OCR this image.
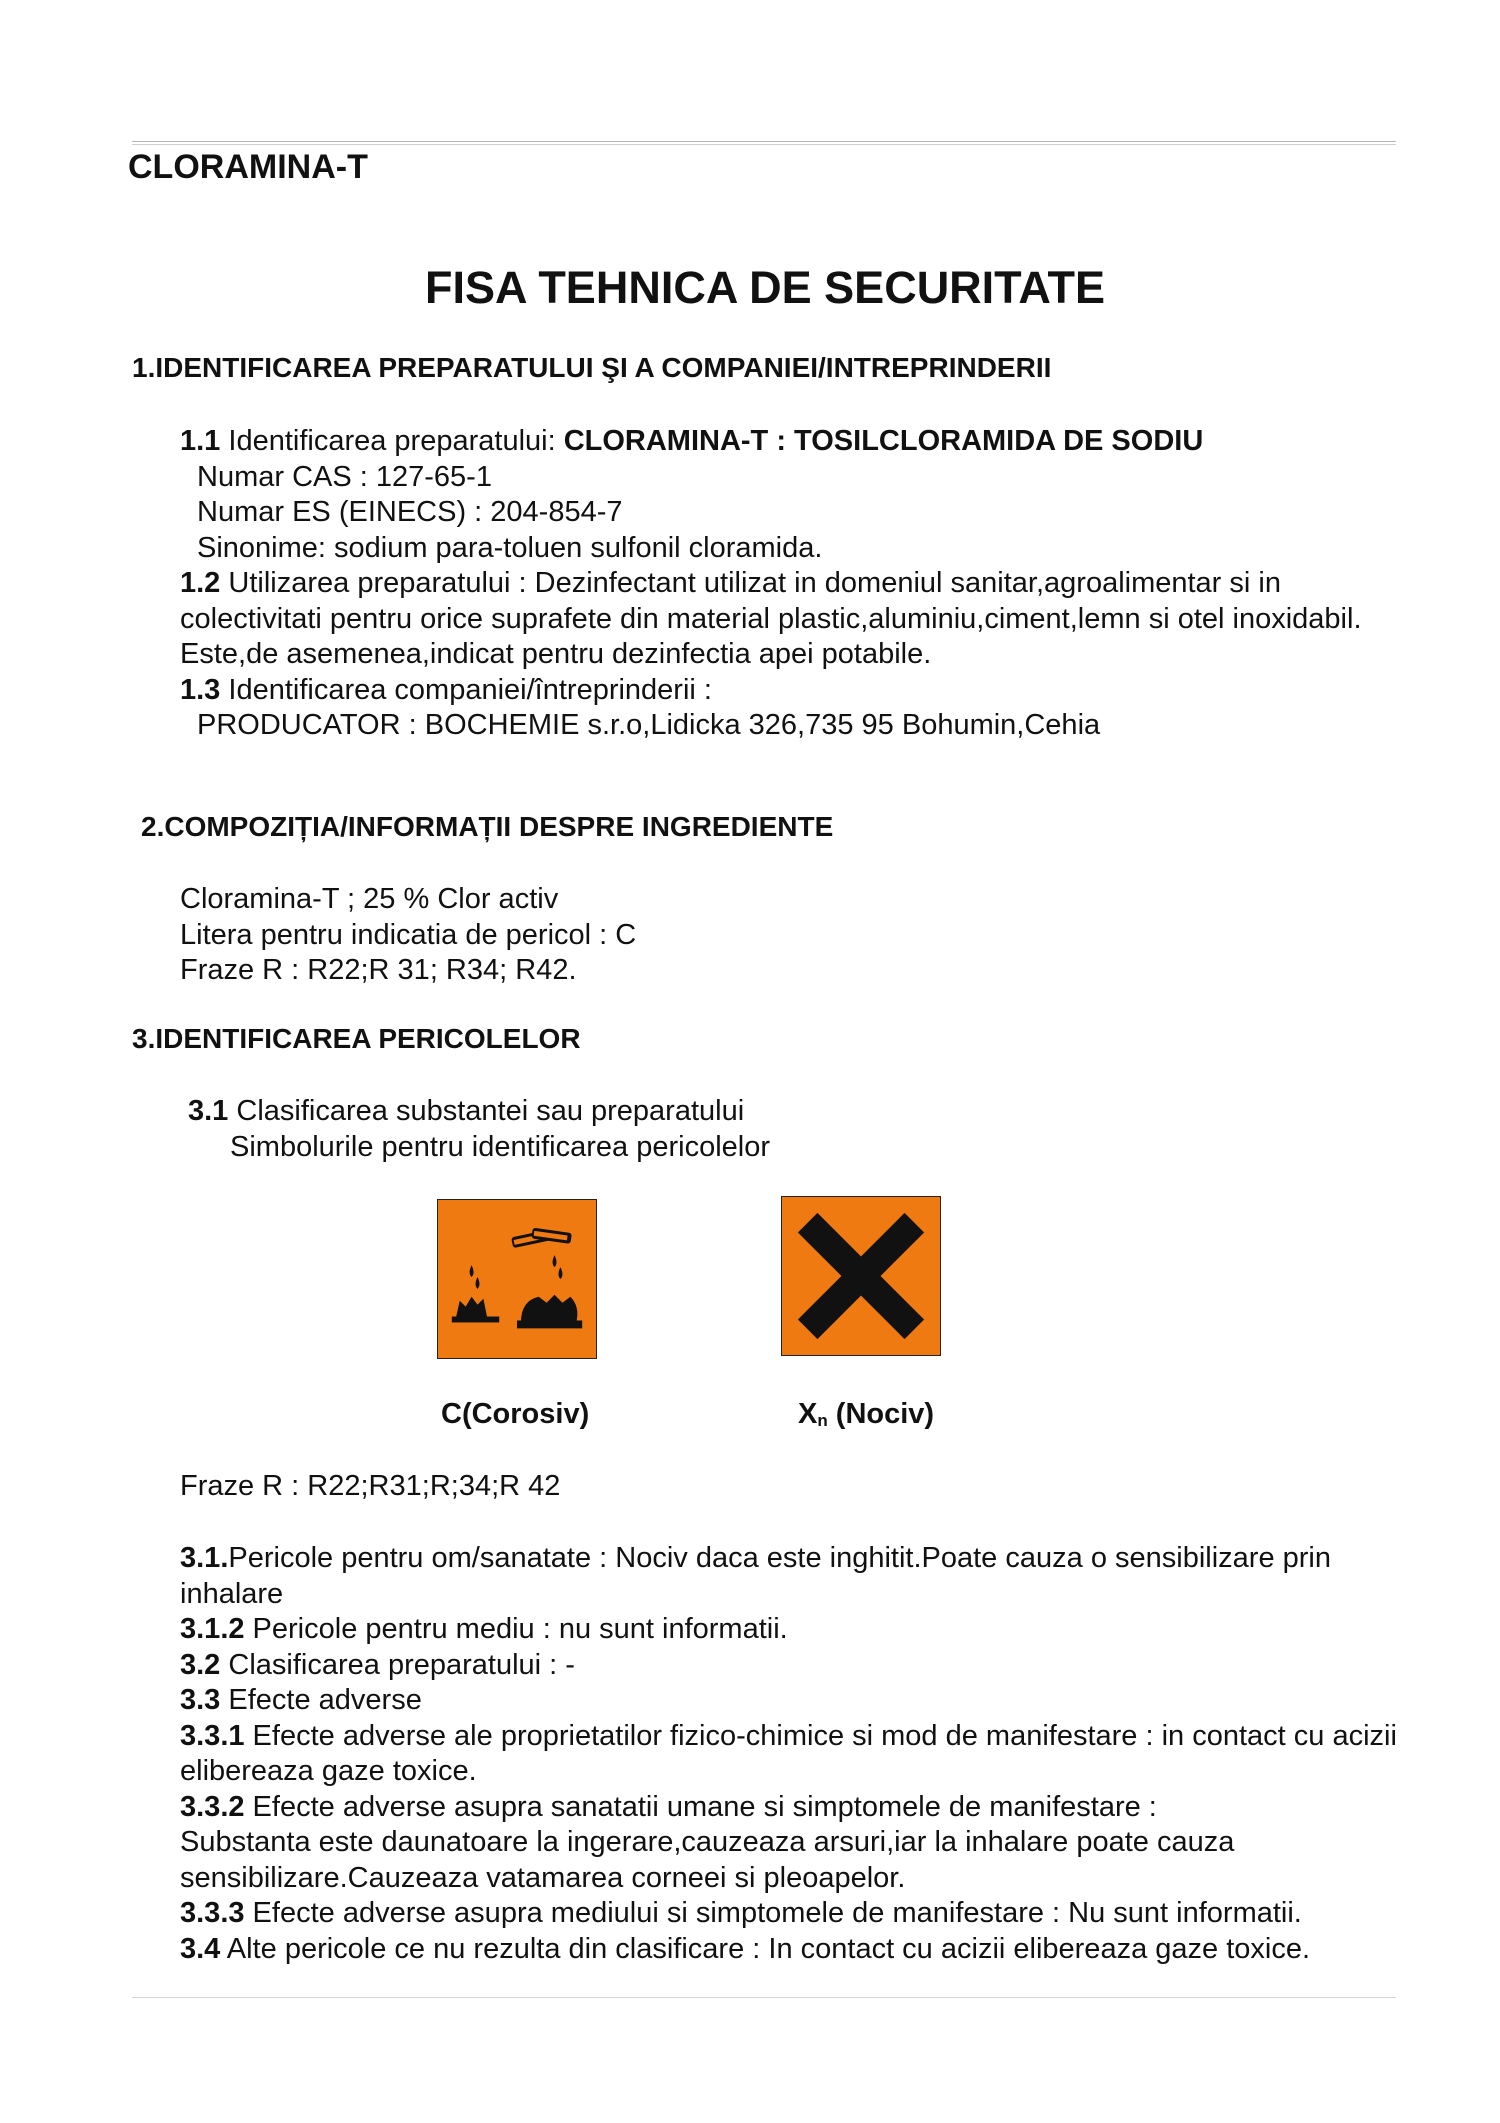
CLORAMINA-T
FISA TEHNICA DE SECURITATE
1.IDENTIFICAREA PREPARATULUI ŞI A COMPANIEI/INTREPRINDERII

1.1 Identificarea preparatului: CLORAMINA-T : TOSILCLORAMIDA DE SODIU

Numar CAS : 127-65-1

Numar ES (EINECS) : 204-854-7

Sinonime: sodium para-toluen sulfonil cloramida.

1.2 Utilizarea preparatului : Dezinfectant utilizat in domeniul sanitar,agroalimentar si in colectivitati pentru orice suprafete din material plastic,aluminiu,ciment,lemn si otel inoxidabil.

Este,de asemenea,indicat pentru dezinfectia apei potabile.

1.3 Identificarea companiei/întreprinderii :

PRODUCATOR : BOCHEMIE s.r.o,Lidicka 326,735 95 Bohumin,Cehia

2.COMPOZIȚIA/INFORMAȚII DESPRE INGREDIENTE

Cloramina-T ; 25 % Clor activ

Litera pentru indicatia de pericol : C

Fraze R : R22;R 31; R34; R42.

3.IDENTIFICAREA PERICOLELOR

3.1 Clasificarea substantei sau preparatului

Simbolurile pentru identificarea pericolelor

C(Corosiv)	$X_n$ (Nociv)

Fraze R : R22;R31;R;34;R 42

3.1.Pericole pentru om/sanatate : Nociv daca este inghitit.Poate cauza o sensibilizare prin inhalare

3.1.2 Pericole pentru mediu : nu sunt informatii.

3.2 Clasificarea preparatului : -

3.3 Efecte adverse

3.3.1 Efecte adverse ale proprietatilor fizico-chimice si mod de manifestare : in contact cu acizii elibereaza gaze toxice.

3.3.2 Efecte adverse asupra sanatatii umane si simptomele de manifestare :

Substanta este daunatoare la ingerare,cauzeaza arsuri,iar la inhalare poate cauza sensibilizare.Cauzeaza vatamarea corneei si pleoapelor.

3.3.3 Efecte adverse asupra mediului si simptomele de manifestare : Nu sunt informatii.

3.4 Alte pericole ce nu rezulta din clasificare : In contact cu acizii elibereaza gaze toxice.
